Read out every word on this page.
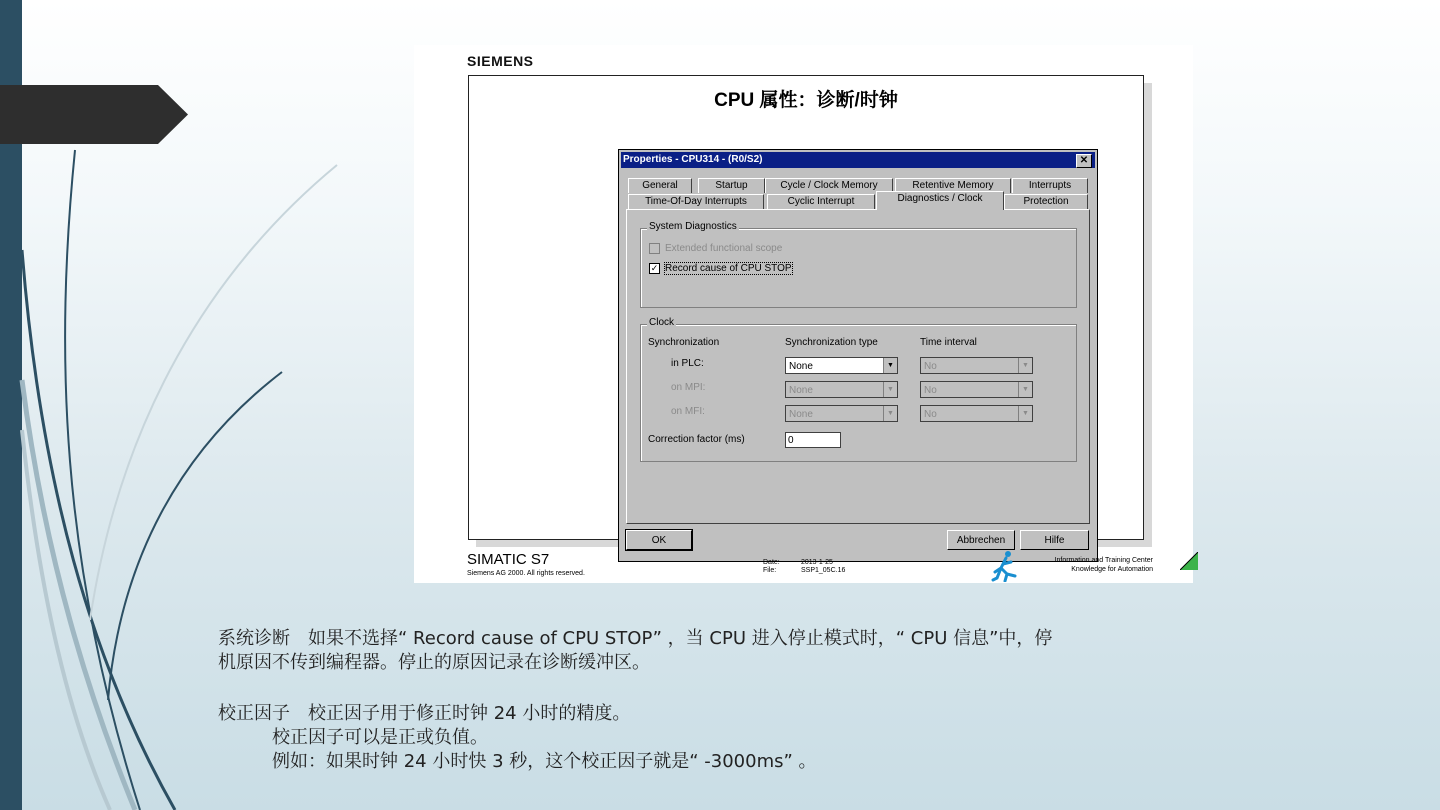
SIEMENS
CPU 属性：诊断/时钟
Properties - CPU314 - (R0/S2)	✕
General	Startup	Cycle / Clock Memory	Retentive Memory	Interrupts
Time-Of-Day Interrupts	Cyclic Interrupt	Diagnostics / Clock	Protection
System Diagnostics
Extended functional scope
✓ Record cause of CPU STOP
Clock
Synchronization	Synchronization type	Time interval
in PLC:	None	▼	No	▼
on MPI:	None	▼	No	▼
on MFI:	None	▼	No	▼
Correction factor (ms)	0
OK	Abbrechen	Hilfe
SIMATIC S7
Siemens AG 2000. All rights reserved.
Date:	2013-1-25
File:	SSP1_05C.16
Information and Training Center
Knowledge for Automation

系统诊断　如果不选择“ Record cause of CPU STOP” ，当 CPU 进入停止模式时，“ CPU 信息”中，停

机原因不传到编程器。停止的原因记录在诊断缓冲区。

校正因子　校正因子用于修正时钟 24 小时的精度。

校正因子可以是正或负值。

例如：如果时钟 24 小时快 3 秒，这个校正因子就是“ -3000ms” 。
